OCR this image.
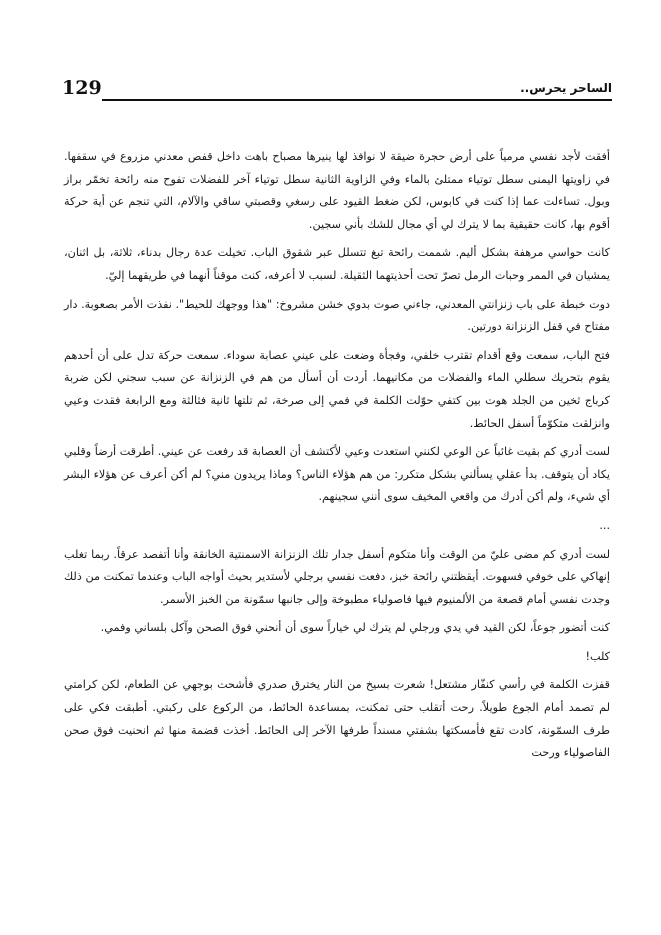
129	الساحر يحرس..

أفقت لأجد نفسي مرمياً على أرض حجرة ضيقة لا نوافذ لها ينيرها مصباح باهت داخل قفص معدني مزروع في سقفها. في زاويتها اليمنى سطل توتياء ممتلئ بالماء وفي الزاوية الثانية سطل توتياء آخر للفضلات تفوح منه رائحة تخمّر براز وبول. تساءلت عما إذا كنت في كابوس، لكن ضغط القيود على رسغي وقصبتي ساقي والآلام، التي تنجم عن أية حركة أقوم بها، كانت حقيقية بما لا يترك لي أي مجال للشك بأني سجين.

كانت حواسي مرهفة بشكل أليم. شممت رائحة تبغ تتسلل عبر شقوق الباب. تخيلت عدة رجال بدناء، ثلاثة، بل اثنان، يمشيان في الممر وحبات الرمل تصرّ تحت أحذيتهما الثقيلة. لسبب لا أعرفه، كنت موقناً أنهما في طريقهما إليّ.

دوت خبطة على باب زنزانتي المعدني، جاءني صوت بدوي خشن مشروخ: "هذا ووجهك للحيط". نفذت الأمر بصعوبة. دار مفتاح في قفل الزنزانة دورتين.

فتح الباب، سمعت وقع أقدام تقترب خلفي، وفجأة وضعت على عيني عصابة سوداء. سمعت حركة تدل على أن أحدهم يقوم بتحريك سطلي الماء والفضلات من مكانيهما. أردت أن أسأل من هم في الزنزانة عن سبب سجني لكن ضربة كرباج ثخين من الجلد هوت بين كتفي حوّلت الكلمة في فمي إلى صرخة، ثم تلتها ثانية فثالثة ومع الرابعة فقدت وعيي وانزلقت متكوّماً أسفل الحائط.

لست أدري كم بقيت غائباً عن الوعي لكنني استعدت وعيي لأكتشف أن العصابة قد رفعت عن عيني. أطرقت أرضاً وقلبي يكاد أن يتوقف. بدأ عقلي يسألني بشكل متكرر: من هم هؤلاء الناس؟ وماذا يريدون مني؟ لم أكن أعرف عن هؤلاء البشر أي شيء، ولم أكن أدرك من واقعي المخيف سوى أنني سجينهم.

...

لست أدري كم مضى عليّ من الوقت وأنا متكوم أسفل جدار تلك الزنزانة الاسمنتية الخانقة وأنا أتفصد عرقاً. ربما تغلب إنهاكي على خوفي فسهوت. أيقظتني رائحة خبز، دفعت نفسي برجلي لأستدير بحيث أواجه الباب وعندما تمكنت من ذلك وجدت نفسي أمام قصعة من الألمنيوم فيها فاصولياء مطبوخة وإلى جانبها سمّونة من الخبز الأسمر.

كنت أتضور جوعاً، لكن القيد في يدي ورجلي لم يترك لي خياراً سوى أن أنحني فوق الصحن وآكل بلساني وفمي.

كلب!

قفزت الكلمة في رأسي كنفّار مشتعل! شعرت بسيخ من النار يخترق صدري فأشحت بوجهي عن الطعام، لكن كرامتي لم تصمد أمام الجوع طويلاً. رحت أتقلب حتى تمكنت، بمساعدة الحائط، من الركوع على ركبتي. أطبقت فكي على طرف السمّونة، كادت تقع فأمسكتها بشفتي مسنداً طرفها الآخر إلى الحائط. أخذت قضمة منها ثم انحنيت فوق صحن الفاصولياء ورحت
